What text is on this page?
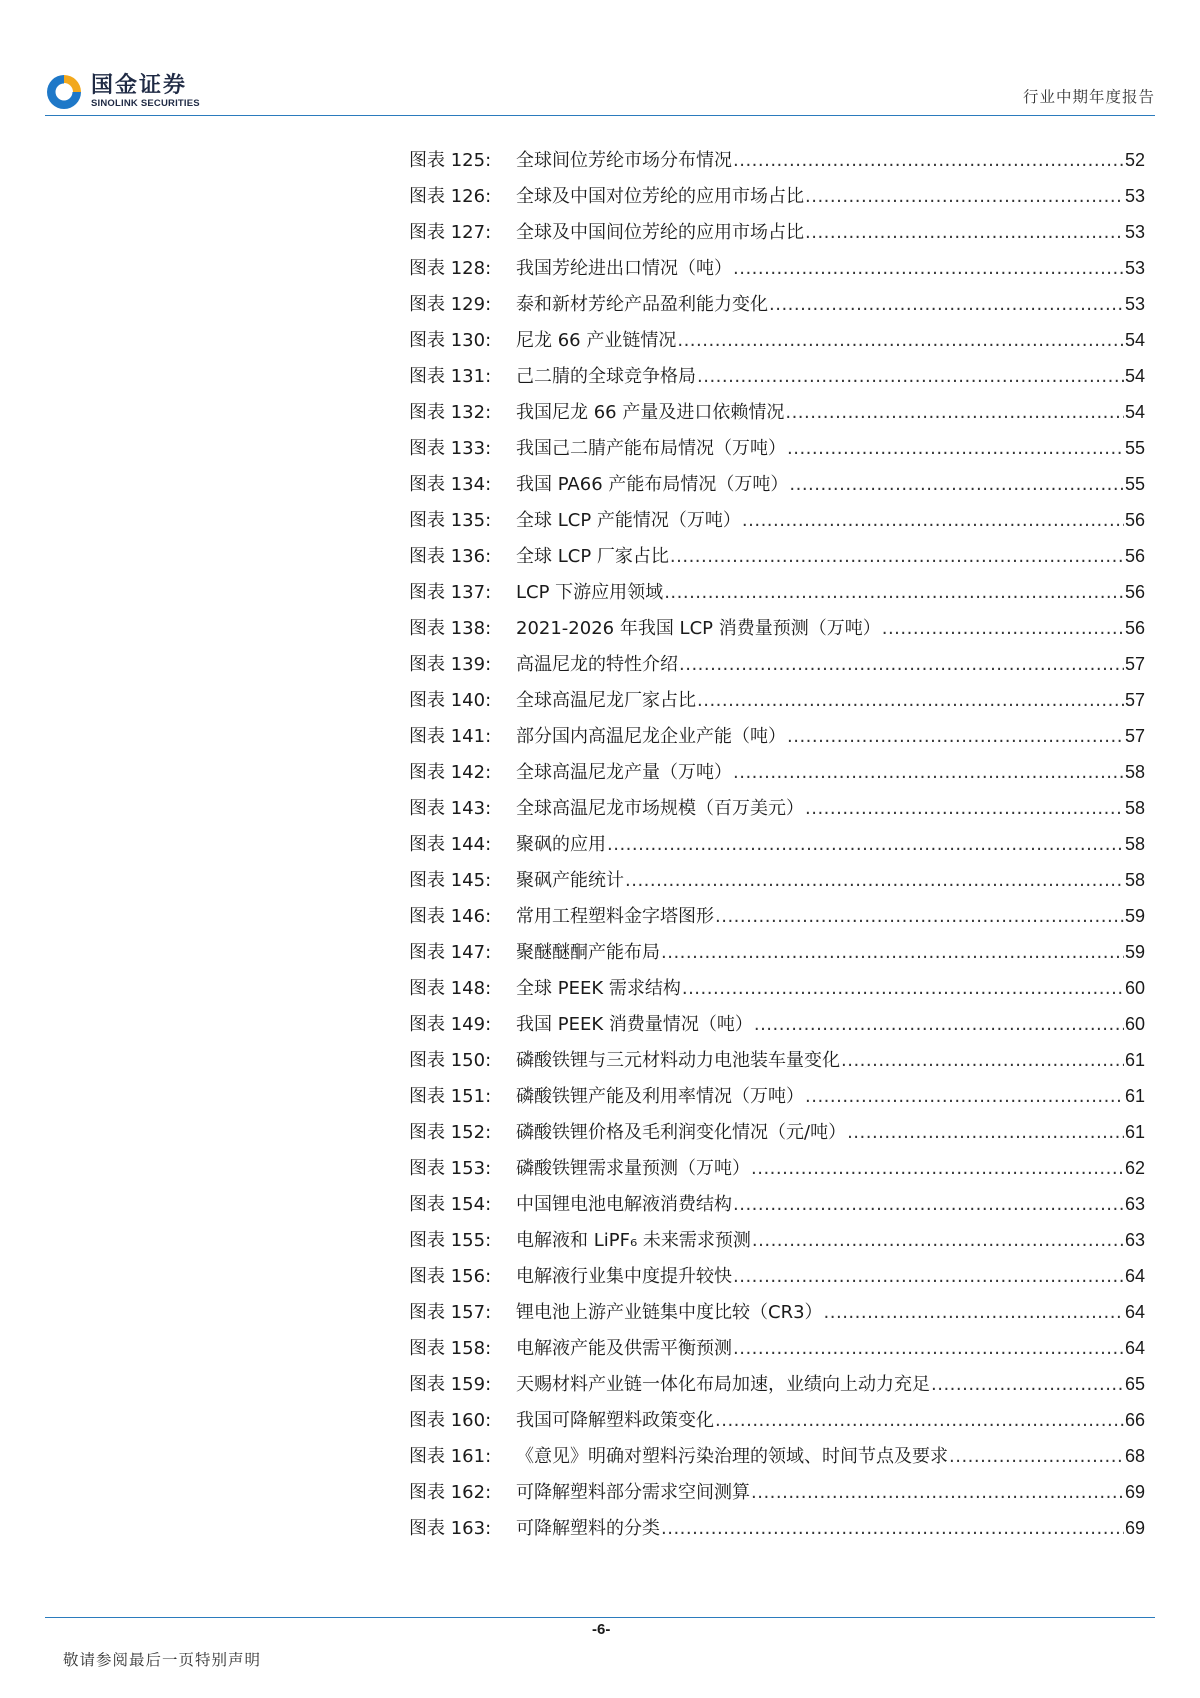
国金证券
SINOLINK SECURITIES	行业中期年度报告
图表 125:	全球间位芳纶市场分布情况 .....	52
图表 126:	全球及中国对位芳纶的应用市场占比 .....	53
图表 127:	全球及中国间位芳纶的应用市场占比 .....	53
图表 128:	我国芳纶进出口情况（吨） .....	53
图表 129:	泰和新材芳纶产品盈利能力变化 .....	53
图表 130:	尼龙 66 产业链情况 .....	54
图表 131:	己二腈的全球竞争格局 .....	54
图表 132:	我国尼龙 66 产量及进口依赖情况 .....	54
图表 133:	我国己二腈产能布局情况（万吨） .....	55
图表 134:	我国 PA66 产能布局情况（万吨） .....	55
图表 135:	全球 LCP 产能情况（万吨） .....	56
图表 136:	全球 LCP 厂家占比 .....	56
图表 137:	LCP 下游应用领域 .....	56
图表 138:	2021-2026 年我国 LCP 消费量预测（万吨） .....	56
图表 139:	高温尼龙的特性介绍 .....	57
图表 140:	全球高温尼龙厂家占比 .....	57
图表 141:	部分国内高温尼龙企业产能（吨） .....	57
图表 142:	全球高温尼龙产量（万吨） .....	58
图表 143:	全球高温尼龙市场规模（百万美元） .....	58
图表 144:	聚砜的应用 .....	58
图表 145:	聚砜产能统计 .....	58
图表 146:	常用工程塑料金字塔图形 .....	59
图表 147:	聚醚醚酮产能布局 .....	59
图表 148:	全球 PEEK 需求结构 .....	60
图表 149:	我国 PEEK 消费量情况（吨） .....	60
图表 150:	磷酸铁锂与三元材料动力电池装车量变化 .....	61
图表 151:	磷酸铁锂产能及利用率情况（万吨） .....	61
图表 152:	磷酸铁锂价格及毛利润变化情况（元/吨） .....	61
图表 153:	磷酸铁锂需求量预测（万吨） .....	62
图表 154:	中国锂电池电解液消费结构 .....	63
图表 155:	电解液和 LiPF₆ 未来需求预测 .....	63
图表 156:	电解液行业集中度提升较快 .....	64
图表 157:	锂电池上游产业链集中度比较（CR3） .....	64
图表 158:	电解液产能及供需平衡预测 .....	64
图表 159:	天赐材料产业链一体化布局加速，业绩向上动力充足 .....	65
图表 160:	我国可降解塑料政策变化 .....	66
图表 161:	《意见》明确对塑料污染治理的领域、时间节点及要求 .....	68
图表 162:	可降解塑料部分需求空间测算 .....	69
图表 163:	可降解塑料的分类 .....	69
-6-
敬请参阅最后一页特别声明
